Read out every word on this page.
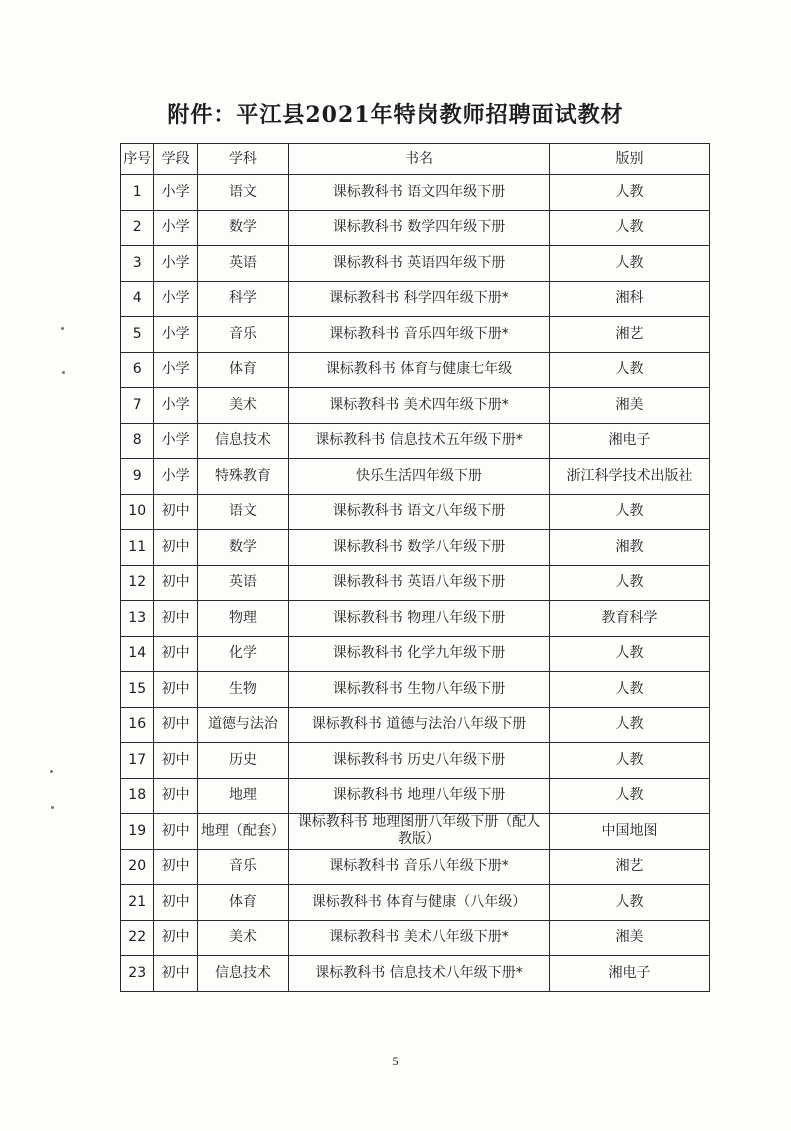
附件：平江县2021年特岗教师招聘面试教材
序号	学段	学科	书名	版别
1	小学	语文	课标教科书 语文四年级下册	人教
2	小学	数学	课标教科书 数学四年级下册	人教
3	小学	英语	课标教科书 英语四年级下册	人教
4	小学	科学	课标教科书 科学四年级下册*	湘科
5	小学	音乐	课标教科书 音乐四年级下册*	湘艺
6	小学	体育	课标教科书 体育与健康七年级	人教
7	小学	美术	课标教科书 美术四年级下册*	湘美
8	小学	信息技术	课标教科书 信息技术五年级下册*	湘电子
9	小学	特殊教育	快乐生活四年级下册	浙江科学技术出版社
10	初中	语文	课标教科书 语文八年级下册	人教
11	初中	数学	课标教科书 数学八年级下册	湘教
12	初中	英语	课标教科书 英语八年级下册	人教
13	初中	物理	课标教科书 物理八年级下册	教育科学
14	初中	化学	课标教科书 化学九年级下册	人教
15	初中	生物	课标教科书 生物八年级下册	人教
16	初中	道德与法治	课标教科书 道德与法治八年级下册	人教
17	初中	历史	课标教科书 历史八年级下册	人教
18	初中	地理	课标教科书 地理八年级下册	人教
19	初中	地理（配套）	课标教科书 地理图册八年级下册（配人教版）	中国地图
20	初中	音乐	课标教科书 音乐八年级下册*	湘艺
21	初中	体育	课标教科书 体育与健康（八年级）	人教
22	初中	美术	课标教科书 美术八年级下册*	湘美
23	初中	信息技术	课标教科书 信息技术八年级下册*	湘电子
5
